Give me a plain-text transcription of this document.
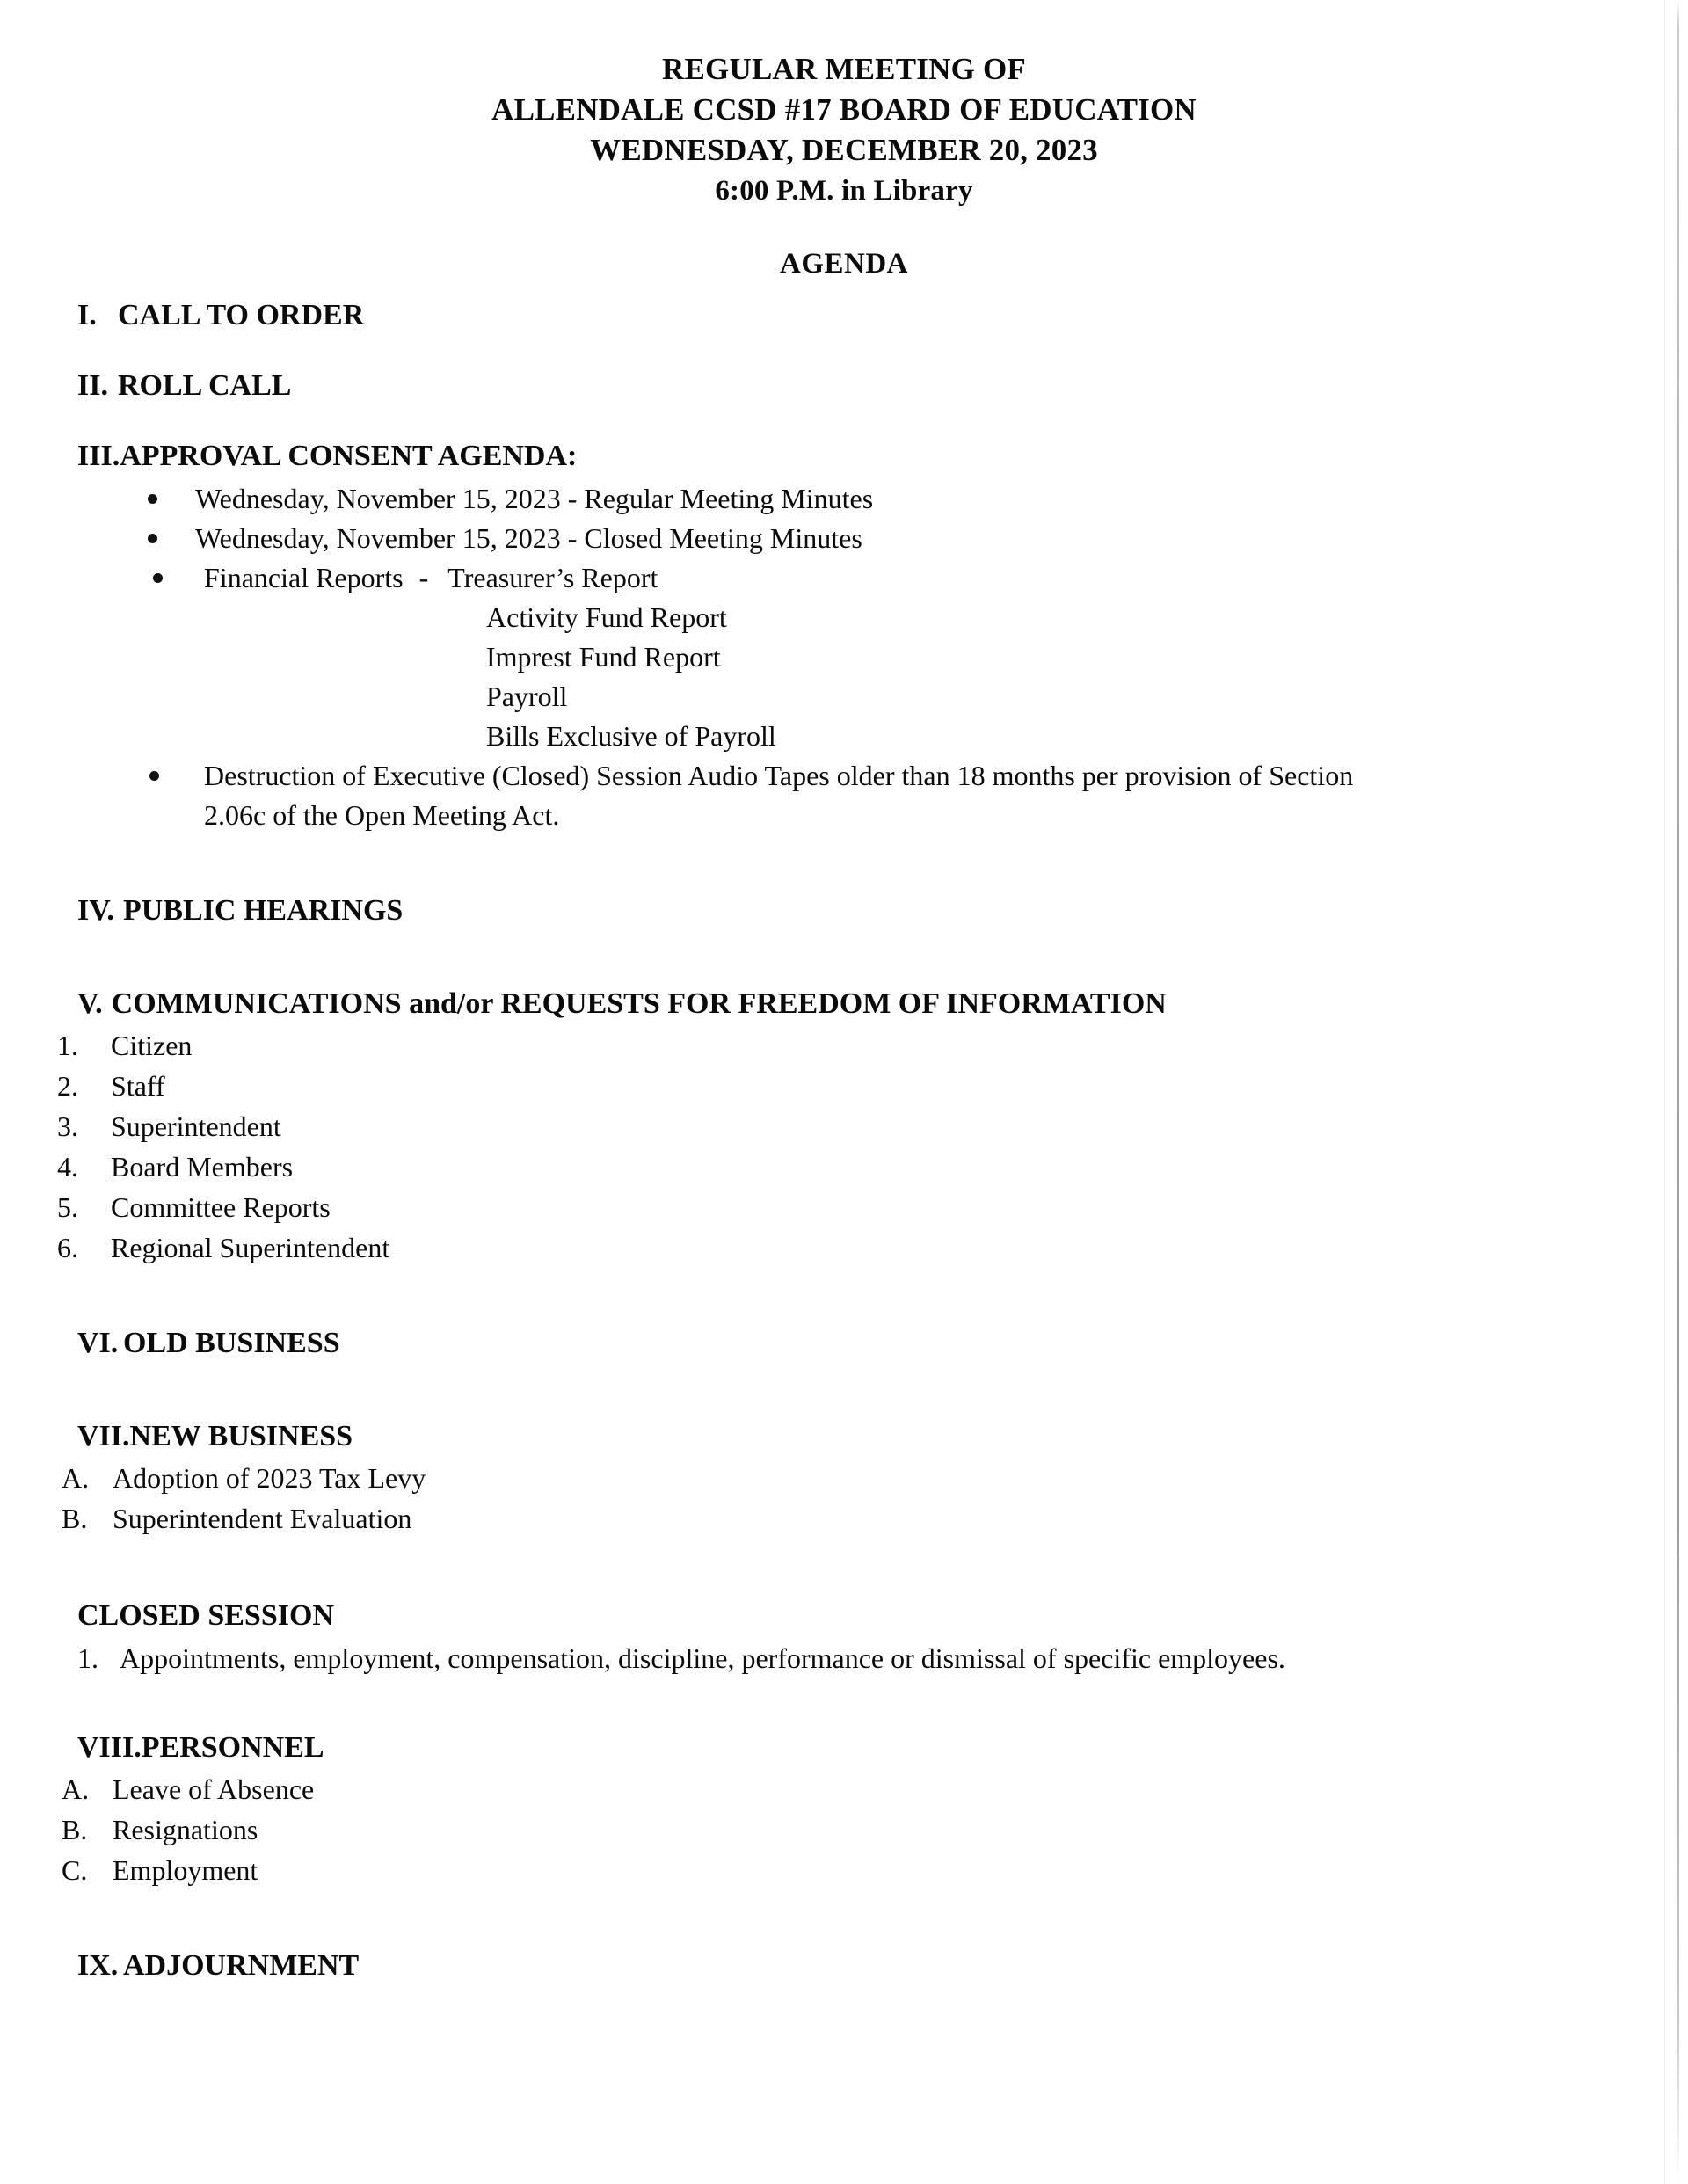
REGULAR MEETING OF
ALLENDALE CCSD #17 BOARD OF EDUCATION
WEDNESDAY, DECEMBER 20, 2023
6:00 P.M. in Library
AGENDA
I. CALL TO ORDER
II. ROLL CALL
III.APPROVAL CONSENT AGENDA:
Wednesday, November 15, 2023 - Regular Meeting Minutes
Wednesday, November 15, 2023 - Closed Meeting Minutes
Financial Reports - Treasurer’s Report
Activity Fund Report
Imprest Fund Report
Payroll
Bills Exclusive of Payroll
Destruction of Executive (Closed) Session Audio Tapes older than 18 months per provision of Section
2.06c of the Open Meeting Act.
IV. PUBLIC HEARINGS
V. COMMUNICATIONS and/or REQUESTS FOR FREEDOM OF INFORMATION
1.	Citizen
2.	Staff
3.	Superintendent
4.	Board Members
5.	Committee Reports
6.	Regional Superintendent
VI. OLD BUSINESS
VII.NEW BUSINESS
A. Adoption of 2023 Tax Levy
B. Superintendent Evaluation
CLOSED SESSION
1. Appointments, employment, compensation, discipline, performance or dismissal of specific employees.
VIII.PERSONNEL
A. Leave of Absence
B. Resignations
C. Employment
IX. ADJOURNMENT
